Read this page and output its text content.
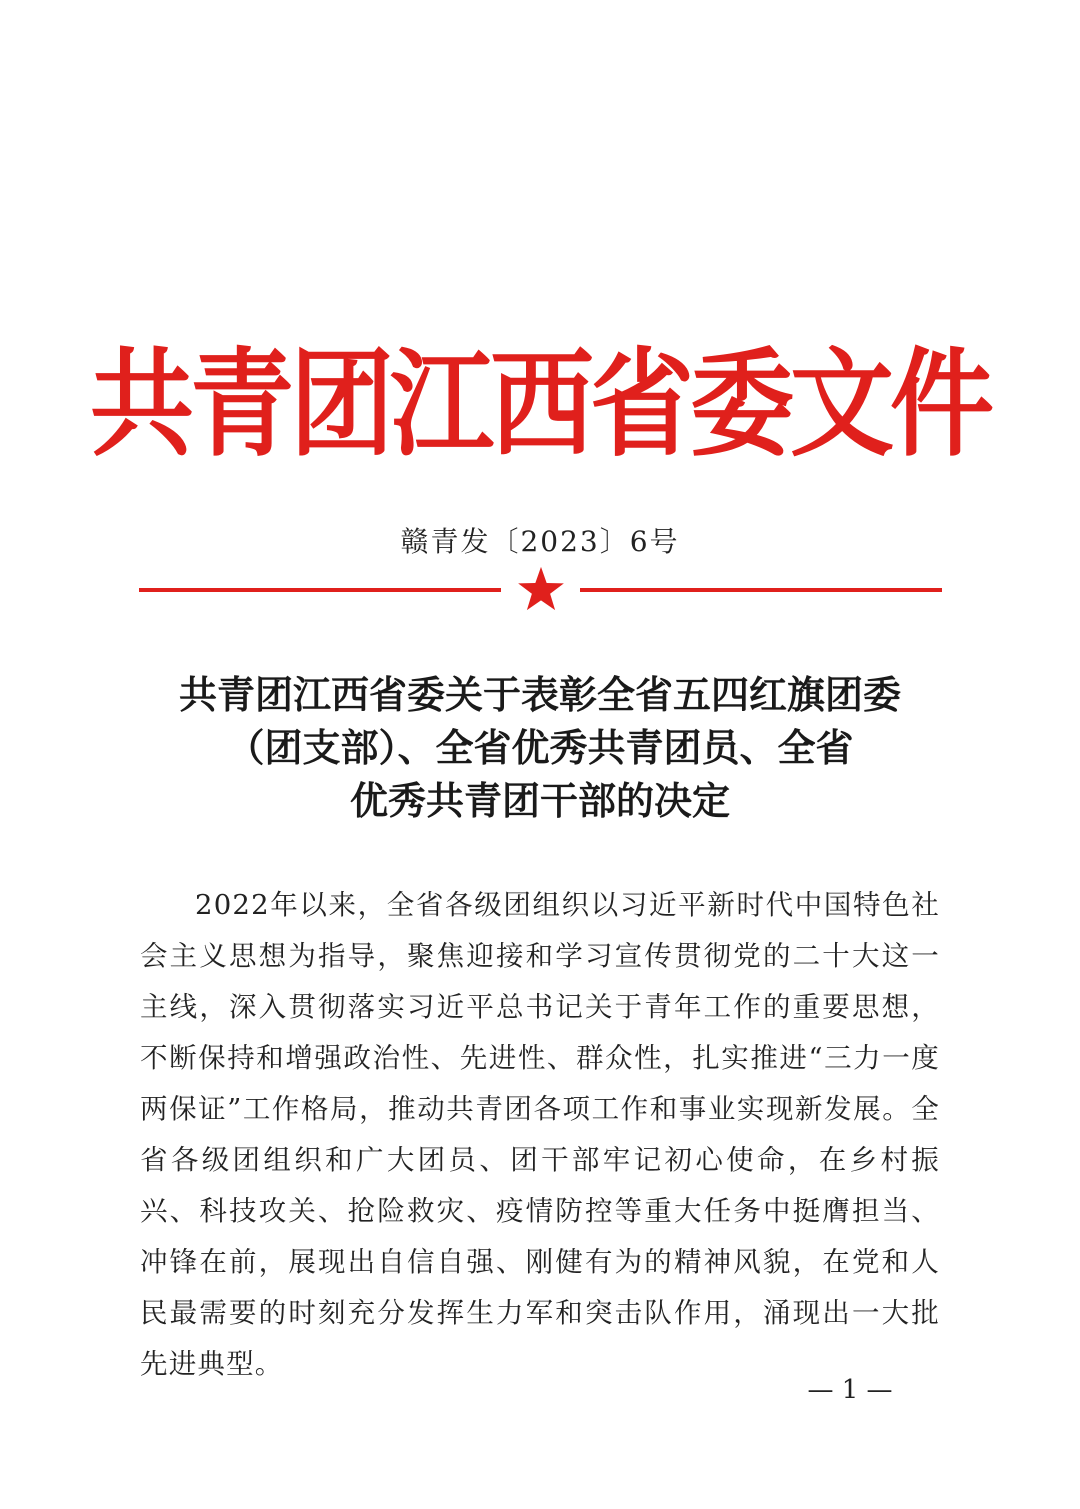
共青团江西省委文件
赣青发〔2023〕6号
共青团江西省委关于表彰全省五四红旗团委
（团支部）、全省优秀共青团员、全省
优秀共青团干部的决定
2022年以来，全省各级团组织以习近平新时代中国特色社会主义思想为指导，聚焦迎接和学习宣传贯彻党的二十大这一主线，深入贯彻落实习近平总书记关于青年工作的重要思想，不断保持和增强政治性、先进性、群众性，扎实推进“三力一度两保证”工作格局，推动共青团各项工作和事业实现新发展。全省各级团组织和广大团员、团干部牢记初心使命，在乡村振兴、科技攻关、抢险救灾、疫情防控等重大任务中挺膺担当、冲锋在前，展现出自信自强、刚健有为的精神风貌，在党和人民最需要的时刻充分发挥生力军和突击队作用，涌现出一大批先进典型。
— 1 —
